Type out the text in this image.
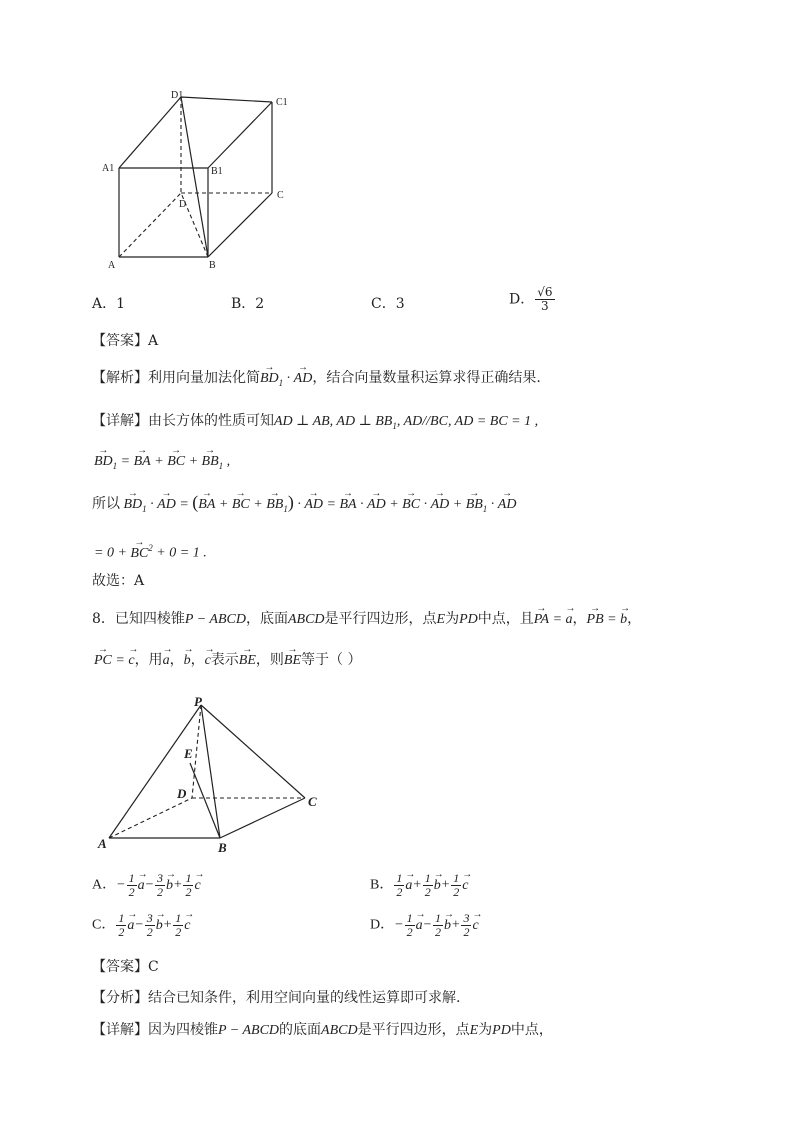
D1
C1
A1	B1
D
C
A	B
A．1	B．2	C．3	D． $\frac{√6}{3}$
【答案】A
【解析】利用向量加法化简→ $BD_1$ · → AD，结合向量数量积运算求得正确结果.
【详解】由长方体的性质可知AD ⊥ AB, AD ⊥ $BB_1$, AD//BC, AD = BC = 1 ,
→ $BD_1$ = → BA + → BC + → $BB_1$ ,
所以 → $BD_1$ · → AD = (→ BA + → BC + → $BB_1$) · → AD = → BA · → AD + → BC · → AD + → $BB_1$ · → AD
= 0 + → $BC^2 + 0 = 1$ .
故选：A
8．已知四棱锥P − ABCD，底面ABCD是平行四边形，点E为PD中点，且→ PA = → a，→ PB = → b，
→ PC = → c，用→ a，→ b，→ c表示→ BE，则→ BE等于（ ）
P
E
D
C
A	B
A．− $\frac{1}{2} \to a- \frac{3}{2} \to b+ \frac{1}{2} \to c$	B． $\frac{1}{2} \to a+ \frac{1}{2} \to b+ \frac{1}{2} \to c$
C． $\frac{1}{2} \to a- \frac{3}{2} \to b+ \frac{1}{2} \to c$	D．− $\frac{1}{2} \to a- \frac{1}{2} \to b+ \frac{3}{2} \to c$
【答案】C
【分析】结合已知条件，利用空间向量的线性运算即可求解.
【详解】因为四棱锥P − ABCD的底面ABCD是平行四边形，点E为PD中点，
